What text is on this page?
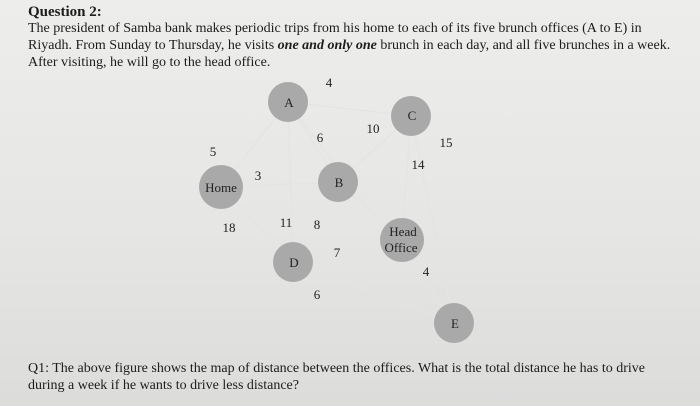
Question 2:
The president of Samba bank makes periodic trips from his home to each of its five brunch offices (A to E) in Riyadh. From Sunday to Thursday, he visits one and only one brunch in each day, and all five brunches in a week. After visiting, he will go to the head office.
A
C
B
Home
Head
Office
D
E
5
3
18
4
6
11 8
10
15
14
7
6
4
Q1: The above figure shows the map of distance between the offices. What is the total distance he has to drive during a week if he wants to drive less distance?
